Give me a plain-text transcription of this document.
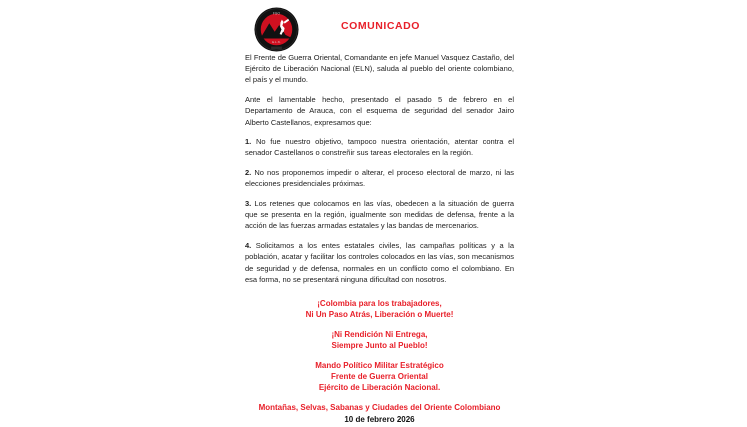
FGO
E.L.N.
COMUNICADO

El Frente de Guerra Oriental, Comandante en jefe Manuel Vasquez Castaño, del Ejército de Liberación Nacional (ELN), saluda al pueblo del oriente colombiano, el país y el mundo.

Ante el lamentable hecho, presentado el pasado 5 de febrero en el Departamento de Arauca, con el esquema de seguridad del senador Jairo Alberto Castellanos, expresamos que:

1. No fue nuestro objetivo, tampoco nuestra orientación, atentar contra el senador Castellanos o constreñir sus tareas electorales en la región.

2. No nos proponemos impedir o alterar, el proceso electoral de marzo, ni las elecciones presidenciales próximas.

3. Los retenes que colocamos en las vías, obedecen a la situación de guerra que se presenta en la región, igualmente son medidas de defensa, frente a la acción de las fuerzas armadas estatales y las bandas de mercenarios.

4. Solicitamos a los entes estatales civiles, las campañas políticas y a la población, acatar y facilitar los controles colocados en las vías, son mecanismos de seguridad y de defensa, normales en un conflicto como el colombiano. En esa forma, no se presentará ninguna dificultad con nosotros.

¡Colombia para los trabajadores,
Ni Un Paso Atrás, Liberación o Muerte!
¡Ni Rendición Ni Entrega,
Siempre Junto al Pueblo!
Mando Político Militar Estratégico
Frente de Guerra Oriental
Ejército de Liberación Nacional.
Montañas, Selvas, Sabanas y Ciudades del Oriente Colombiano
10 de febrero 2026
